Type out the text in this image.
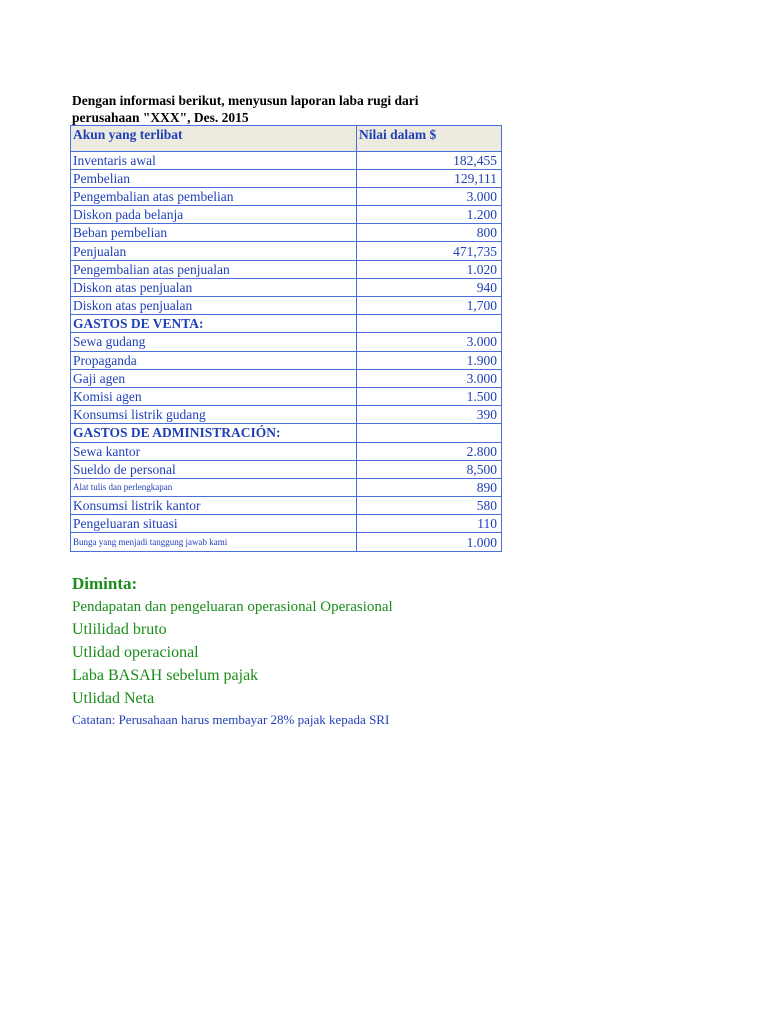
Dengan informasi berikut, menyusun laporan laba rugi dari
perusahaan "XXX", Des. 2015
Akun yang terlibat	Nilai dalam $
Inventaris awal	182,455
Pembelian	129,111
Pengembalian atas pembelian	3.000
Diskon pada belanja	1.200
Beban pembelian	800
Penjualan	471,735
Pengembalian atas penjualan	1.020
Diskon atas penjualan	940
Diskon atas penjualan	1,700
GASTOS DE VENTA:	
Sewa gudang	3.000
Propaganda	1.900
Gaji agen	3.000
Komisi agen	1.500
Konsumsi listrik gudang	390
GASTOS DE ADMINISTRACIÓN:	
Sewa kantor	2.800
Sueldo de personal	8,500
Alat tulis dan perlengkapan	890
Konsumsi listrik kantor	580
Pengeluaran situasi	110
Bunga yang menjadi tanggung jawab kami	1.000
Diminta:
Pendapatan dan pengeluaran operasional Operasional
Utlilidad bruto
Utlidad operacional
Laba BASAH sebelum pajak
Utlidad Neta
Catatan: Perusahaan harus membayar 28% pajak kepada SRI
